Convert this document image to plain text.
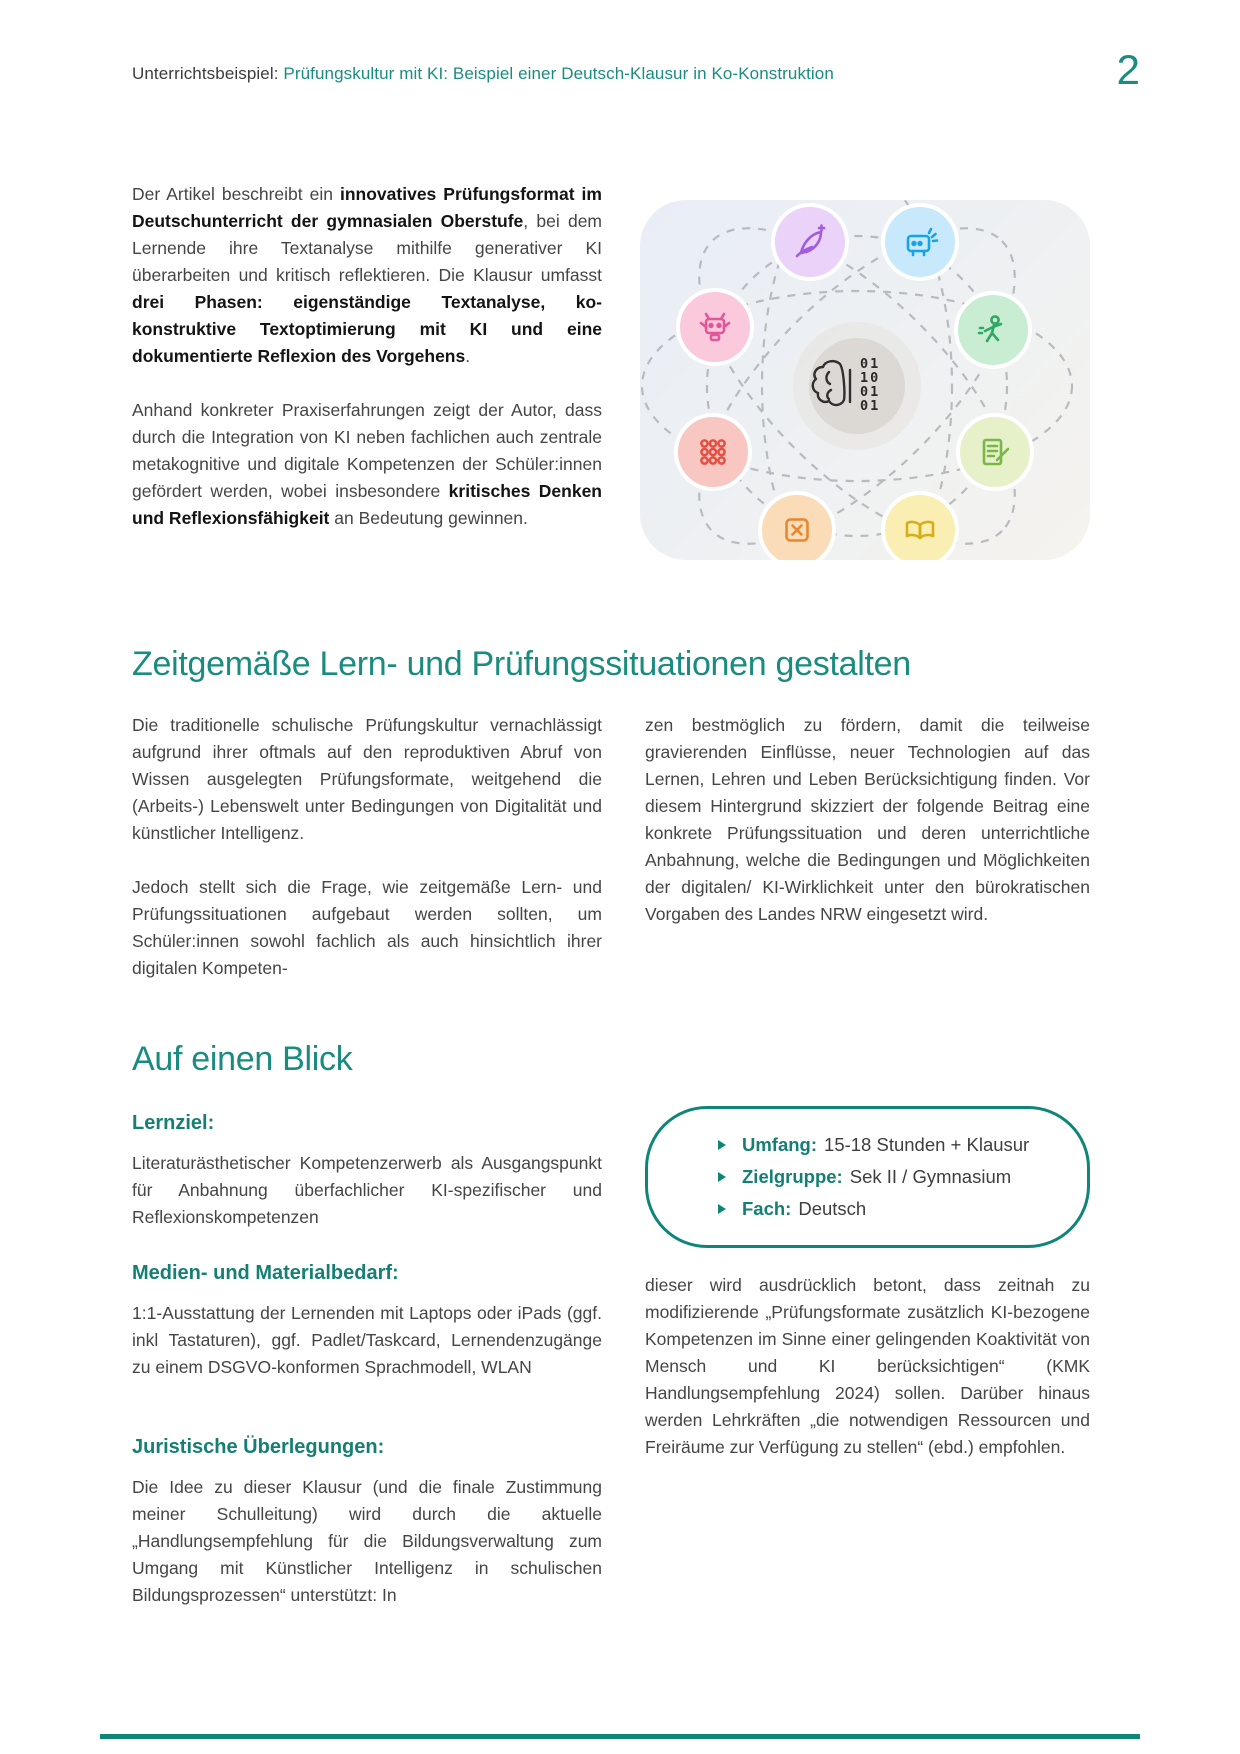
Unterrichtsbeispiel: Prüfungskultur mit KI: Beispiel einer Deutsch-Klausur in Ko-Konstruktion	2

Der Artikel beschreibt ein innovatives Prüfungsformat im Deutschunterricht der gymnasialen Oberstufe, bei dem Lernende ihre Textanalyse mithilfe generativer KI überarbeiten und kritisch reflektieren. Die Klausur umfasst drei Phasen: eigenständige Textanalyse, ko-konstruktive Textoptimierung mit KI und eine dokumentierte Reflexion des Vorgehens.

Anhand konkreter Praxiserfahrungen zeigt der Autor, dass durch die Integration von KI neben fachlichen auch zentrale metakognitive und digitale Kompetenzen der Schüler:innen gefördert werden, wobei insbesondere kritisches Denken und Reflexionsfähigkeit an Bedeutung gewinnen.

01
10
01
01
Zeitgemäße Lern- und Prüfungssituationen gestalten

Die traditionelle schulische Prüfungskultur vernachlässigt aufgrund ihrer oftmals auf den reproduktiven Abruf von Wissen ausgelegten Prüfungsformate, weitgehend die (Arbeits-) Lebenswelt unter Bedingungen von Digitalität und künstlicher Intelligenz.

Jedoch stellt sich die Frage, wie zeitgemäße Lern- und Prüfungssituationen aufgebaut werden sollten, um Schüler:innen sowohl fachlich als auch hinsichtlich ihrer digitalen Kompeten-

zen bestmöglich zu fördern, damit die teilweise gravierenden Einflüsse, neuer Technologien auf das Lernen, Lehren und Leben Berücksichtigung finden. Vor diesem Hintergrund skizziert der folgende Beitrag eine konkrete Prüfungssituation und deren unterrichtliche Anbahnung, welche die Bedingungen und Möglichkeiten der digitalen/ KI-Wirklichkeit unter den bürokratischen Vorgaben des Landes NRW eingesetzt wird.

Auf einen Blick
Lernziel:
Literaturästhetischer Kompetenzerwerb als Ausgangspunkt für Anbahnung überfachlicher KI-spezifischer und Reflexionskompetenzen
Umfang: 15-18 Stunden + Klausur
Zielgruppe: Sek II / Gymnasium
Fach: Deutsch
Medien- und Materialbedarf:
1:1-Ausstattung der Lernenden mit Laptops oder iPads (ggf. inkl Tastaturen), ggf. Padlet/Taskcard, Lernendenzugänge zu einem DSGVO-konformen Sprachmodell, WLAN
Juristische Überlegungen:
Die Idee zu dieser Klausur (und die finale Zustimmung meiner Schulleitung) wird durch die aktuelle „Handlungsempfehlung für die Bildungsverwaltung zum Umgang mit Künstlicher Intelligenz in schulischen Bildungsprozessen“ unterstützt: In
dieser wird ausdrücklich betont, dass zeitnah zu modifizierende „Prüfungsformate zusätzlich KI-bezogene Kompetenzen im Sinne einer gelingenden Koaktivität von Mensch und KI berücksichtigen“ (KMK Handlungsempfehlung 2024) sollen. Darüber hinaus werden Lehrkräften „die notwendigen Ressourcen und Freiräume zur Verfügung zu stellen“ (ebd.) empfohlen.
